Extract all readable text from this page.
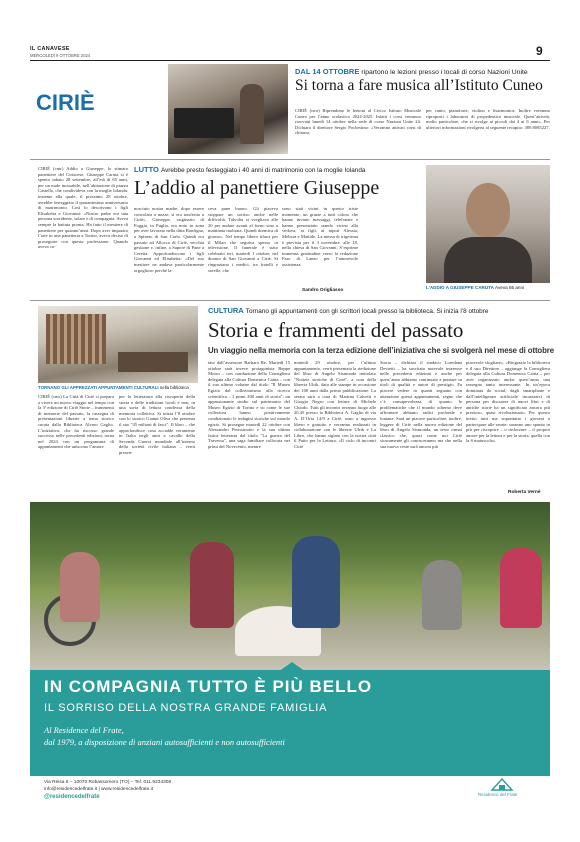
IL CANAVESE
MERCOLEDÌ 9 OTTOBRE 2024	9
CIRIÈ
DAL 14 OTTOBRE ripartono le lezioni presso i locali di corso Nazioni Unite
Si torna a fare musica all’Istituto Cuneo
CIRIÈ (cmr) Riprendono le lezioni al Civico Istituto Musicale Cuneo per l’anno scolastico 2024-2025. Infatti i corsi verranno riavviati lunedì 14 ottobre nella sede di corso Nazioni Unite 24. Dichiara il direttore Sergio Pochettino: «Verranno attivati corsi di chitarra,
per canto, pianoforte, violino e fisarmonica. Inoltre verranno riproposti i laboratori di propedeutica musicale. Quest’attività, molto particolare, che si rivolge ai piccoli dai 4 ai 6 anni». Per ulteriori informazioni rivolgersi al seguente recapito: 389.8085227.
CIRIÈ (cmr) Addio a Giuseppe, lo stimato panettiere del Ciriacese. Giuseppe Caruta si è spento sabato 28 settembre, all’età di 65 anni, per un male incurabile, nell’abitazione di piazza Castello, che condivideva con la moglie Iolanda, insieme alla quale, il prossimo 28 ottobre, avrebbe festeggiato il quarantesimo anniversario di matrimonio. Così lo descrivono i figli Elisabetta e Giovanni: «Nostro padre era una persona sorridente, solare e di compagnia. Aveva sempre la battuta pronta. Ha fatto il mestiere di panettiere per quarant’anni. Dopo aver imparato l’arte in una panetteria a Torino, aveva deciso di proseguire con questa professione. Quando aveva co-
LUTTO Avrebbe presto festeggiato i 40 anni di matrimonio con la moglie Iolanda
L’addio al panettiere Giuseppe
nosciuto nostra madre, dopo essere convolato a nozze, si era trasferito a Ciriè». Giuseppe, originario di Foggia, in Puglia, era noto in zona per aver lavorato nella ditta Bonfigna, a Spineto di San Carlo. Quindi era passato ad Allocco di Ciriè, vecchia gestione e, infine, a Sapore di Pane a Ceretta. Approfondiscono i figli Giovanni ed Elisabetta: «Del suo mestiere ne andava particolarmente orgoglioso perché la-
ceva pane buono. Gli piaceva stoppare un sorriso anche nelle difficoltà. Talvolta si svegliava alle 20 per andare avanti al forno sino a mattinata inoltrata. Quindi dormiva di giorno». Nel tempo libero tifava per il Milan che seguiva spesso in televisione. Il funerale è stato celebrato ieri, martedì 1 ottobre, nel duomo di San Giovanni a Ciriè. Si ringraziano i medici, tra fratelli e sorelle, che
sono stati vicini in questo triste momento; un grazie a tutti coloro che hanno inviato messaggi, telefonate e hanno presenziato stando vicino alla vedova, ai figli, ai nipoti Alessia, Melissa e Mattide. La messa di trigesima è prevista per il 3 novembre, alle 18, nella chiesa di San Giovanni. S’esprime immensa gratitudine verso la redazione Faro di Lanzo per l’amorevole assistenza.
Sandro Origliasso
L’ADDIO A GIUSEPPE CARUTA Aveva 65 anni
TORNANO GLI APPREZZATI APPUNTAMENTI CULTURALI nella biblioteca
CULTURA Tornano gli appuntamenti con gli scrittori locali presso la biblioteca. Si inizia l’8 ottobre
Storia e frammenti del passato
Un viaggio nella memoria con la terza edizione dell’iniziativa che si svolgerà nel mese di ottobre
CIRIÈ (cmr) La Città di Ciriè si prepara a vivere un nuovo viaggio nel tempo con la 3ª edizione di Ciriè Storie – frammenti di memorie del passato, la rassegna di presentazioni librarie a tema storico curata dalla Biblioteca Alvaro Gaglio. L’iniziativa, che ha riscosso grande successo nelle precedenti edizioni, torna nel 2024 con un programma di appuntamenti che uniscono l’amore
per la letteratura alla riscoperta della storia e delle tradizioni locali e non, in una sorta di lettura condivisa della memoria collettiva. Si inizia l’8 ottobre con lo storico Gianni Oliva che presenta il suo "45 milioni di fasci". Il libro – che approfondisce cosa accadde veramente in Italia negli anni a cavallo della Seconda Guerra mondiale all’interno della società civile italiana – verrà presen-
tato dall’assessore Barbara Re. Martedì 15 ottobre sarà invece protagonista Beppe Moiso – con conduzione della Consigliera delegata alla Cultura Domenica Caitta – con il suo ultimo volume dal titolo "Il Museo Egizio dal collezionismo alla ricerca scientifica – I primi 200 anni di storia": un appassionante studio sul patrimonio del Museo Egizio di Torino e su come le sue collezioni hanno positivamente condizionato le indagini storiche sul mondo egizio. Si prosegue martedì 22 ottobre con Alessandro Perissinotto e la sua ultima fatica letteraria dal titolo "La guerra del Traversa", una saga familiare collocata nei primi del Novecento, mentre
martedì 29 ottobre, per l’ultimo appuntamento, verrà presentata la riedizione del libro di Angelo Sismonda intitolato "Notizie storiche di Ciriè", a cura della libreria Ulrik, data alle stampe in occasione dei 100 anni dalla prima pubblicazione. La serata sarà a cura di Martina Calvetti e Giorgio Negro con letture di Michele Chiodo. Tutti gli incontri avranno luogo alle 20.45 presso la Biblioteca A. Gaglio di via A. D’Oria 14/9 a Ciriè, sono a ingresso libero e gratuito e verranno realizzati in collaborazione con le librerie Ulrik e La Libro, che hanno siglato con la nostra città il Patto per la Lettura. «Il ciclo di incontri Ciriè
Storia – dichiara il sindaco Loredana Devietti – ha suscitato notevole interesse nelle precedenti edizioni e anche per quest’anno abbiamo continuato a puntare su titoli di qualità e autori di prestigio. Fa piacere vedere in quanti seguano con attenzione questi appuntamenti, segno che c’è consapevolezza di quanto le problematiche che il mondo odierno deve affrontare abbiano radici profonde e lontane. Sarà un piacere particolare, inoltre, leggere di Ciriè nella nuova edizione del libro di Angelo Sismonda, un testo ormai classico che, quasi come noi Ciriè sicuramente gli conosceranno ma che nella sua nuova veste sarà ancora più
piacevole sfogliare». «Ringrazio la biblioteca e il suo Direttore – aggiunge la Consigliera delegata alla Cultura Domenica Caitta – per aver organizzato anche quest’anno una rassegna tanto interessante. In un’epoca dominata da social, dagli smartphone e dall’intelligenza artificiale incontrarsi di persona per discutere di nuovi libri e di antiche storie ha un significato ancora più prezioso, quasi rivoluzionario. Per questo invito tutti ma soprattutto i giovani a partecipare alle serate: saranno uno spunto in più per riscoprire – o rinforzare – il proprio amore per la lettura e per la storia, quella con la S maiuscola».
Roberta Vernè
IN COMPAGNIA TUTTO È PIÙ BELLO
IL SORRISO DELLA NOSTRA GRANDE FAMIGLIA
Al Residence del Frate,
dal 1979, a disposizione di anziani autosufficienti e non autosufficienti
Via Reisa 6 – 10070 Robassomero (TO) – Tel. 011.9234308
info@residencedelfrate.it | www.residencedelfrate.it
@residencedelfrate	Residence del Frate
